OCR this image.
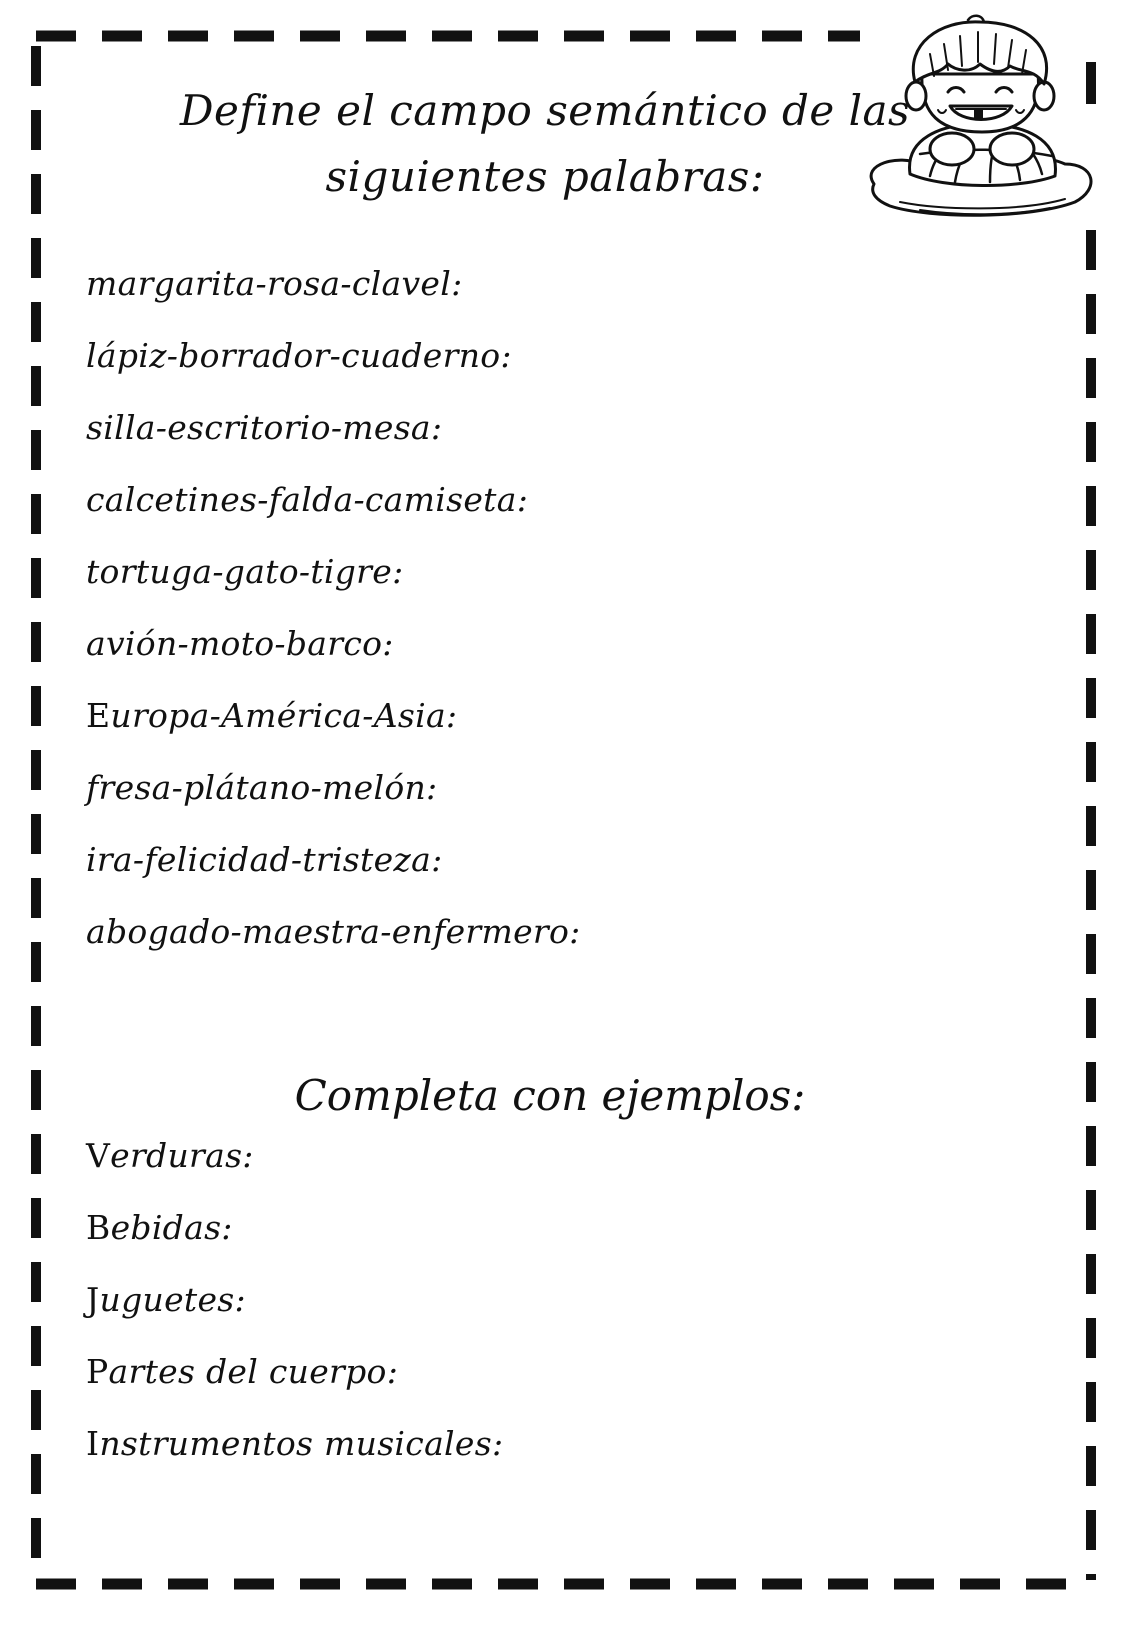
Define el campo semántico de las
siguientes palabras:
margarita-rosa-clavel:
lápiz-borrador-cuaderno:
silla-escritorio-mesa:
calcetines-falda-camiseta:
tortuga-gato-tigre:
avión-moto-barco:
Europa-América-Asia:
fresa-plátano-melón:
ira-felicidad-tristeza:
abogado-maestra-enfermero:
Completa con ejemplos:
Verduras:
Bebidas:
Juguetes:
Partes del cuerpo:
Instrumentos musicales:
